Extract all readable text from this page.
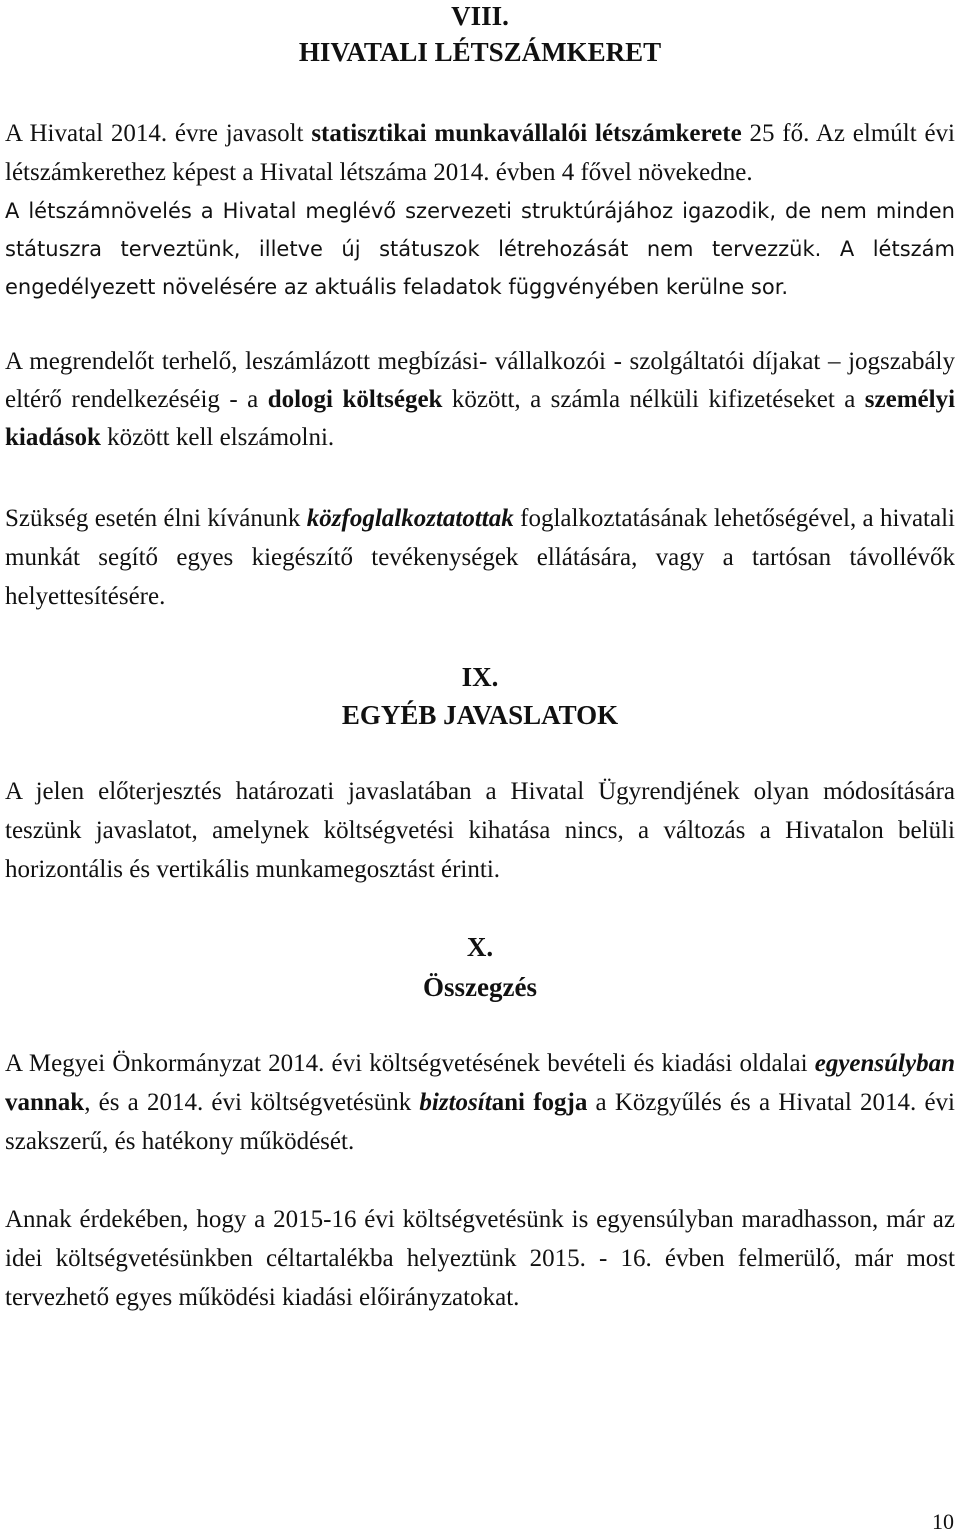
VIII.
HIVATALI LÉTSZÁMKERET

A Hivatal 2014. évre javasolt statisztikai munkavállalói létszámkerete 25 fő. Az elmúlt évi létszámkerethez képest a Hivatal létszáma 2014. évben 4 fővel növekedne.

A létszámnövelés a Hivatal meglévő szervezeti struktúrájához igazodik, de nem minden státuszra terveztünk, illetve új státuszok létrehozását nem tervezzük. A létszám engedélyezett növelésére az aktuális feladatok függvényében kerülne sor.

A megrendelőt terhelő, leszámlázott megbízási- vállalkozói - szolgáltatói díjakat – jogszabály eltérő rendelkezéséig - a dologi költségek között, a számla nélküli kifizetéseket a személyi kiadások között kell elszámolni.

Szükség esetén élni kívánunk közfoglalkoztatottak foglalkoztatásának lehetőségével, a hivatali munkát segítő egyes kiegészítő tevékenységek ellátására, vagy a tartósan távollévők helyettesítésére.

IX.
EGYÉB JAVASLATOK

A jelen előterjesztés határozati javaslatában a Hivatal Ügyrendjének olyan módosítására teszünk javaslatot, amelynek költségvetési kihatása nincs, a változás a Hivatalon belüli horizontális és vertikális munkamegosztást érinti.

X.
Összegzés

A Megyei Önkormányzat 2014. évi költségvetésének bevételi és kiadási oldalai egyensúlyban vannak, és a 2014. évi költségvetésünk biztosítani fogja a Közgyűlés és a Hivatal 2014. évi szakszerű, és hatékony működését.

Annak érdekében, hogy a 2015-16 évi költségvetésünk is egyensúlyban maradhasson, már az idei költségvetésünkben céltartalékba helyeztünk 2015. - 16. évben felmerülő, már most tervezhető egyes működési kiadási előirányzatokat.

10
